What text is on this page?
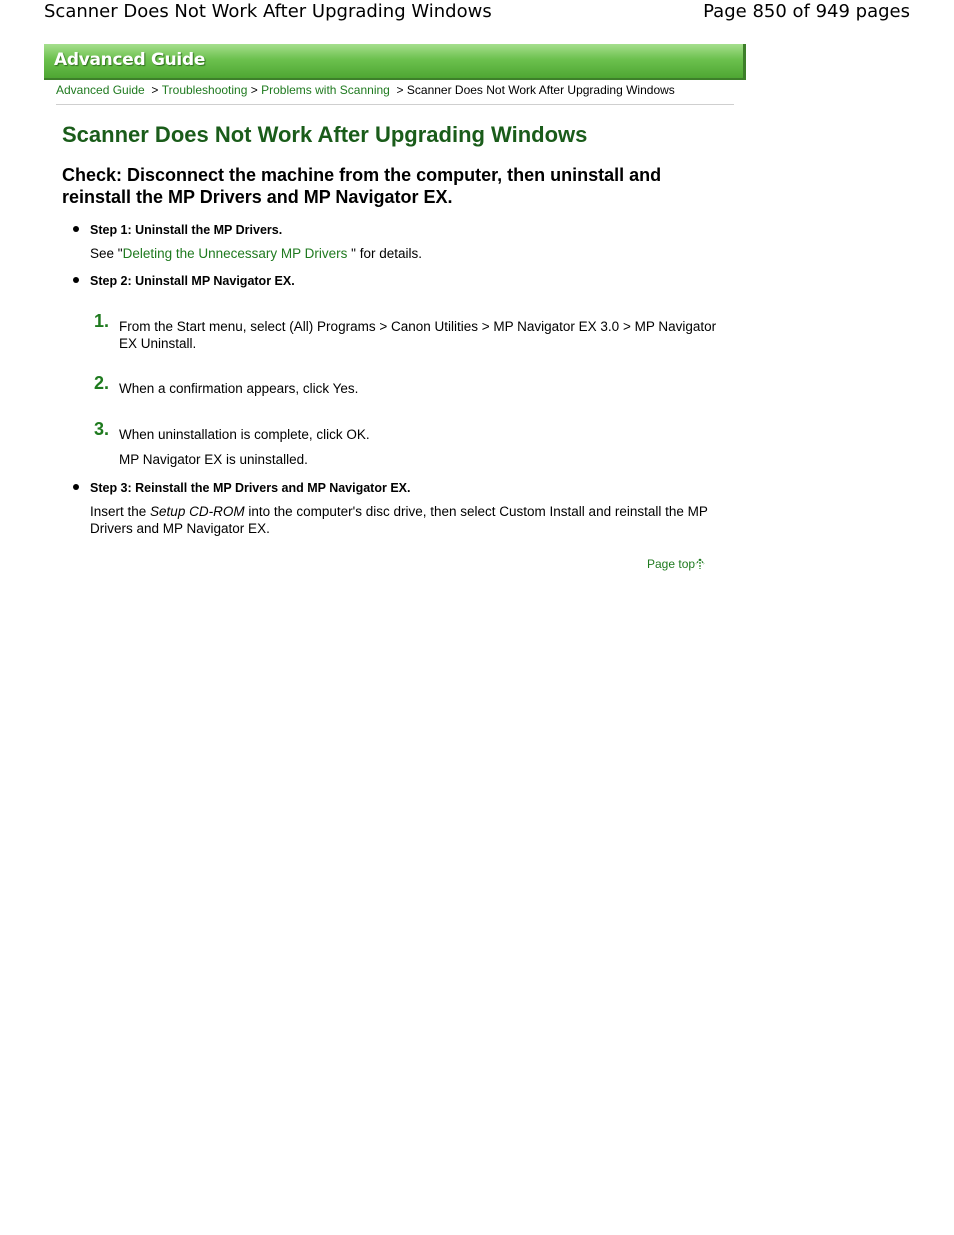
Scanner Does Not Work After Upgrading Windows	Page 850 of 949 pages
Advanced Guide
Advanced Guide > Troubleshooting > Problems with Scanning > Scanner Does Not Work After Upgrading Windows
Scanner Does Not Work After Upgrading Windows
Check: Disconnect the machine from the computer, then uninstall and reinstall the MP Drivers and MP Navigator EX.
Step 1: Uninstall the MP Drivers.
See "Deleting the Unnecessary MP Drivers " for details.
Step 2: Uninstall MP Navigator EX.
1. From the Start menu, select (All) Programs > Canon Utilities > MP Navigator EX 3.0 > MP Navigator EX Uninstall.
2. When a confirmation appears, click Yes.
3. When uninstallation is complete, click OK.
MP Navigator EX is uninstalled.
Step 3: Reinstall the MP Drivers and MP Navigator EX.
Insert the Setup CD-ROM into the computer's disc drive, then select Custom Install and reinstall the MP Drivers and MP Navigator EX.
Page top
